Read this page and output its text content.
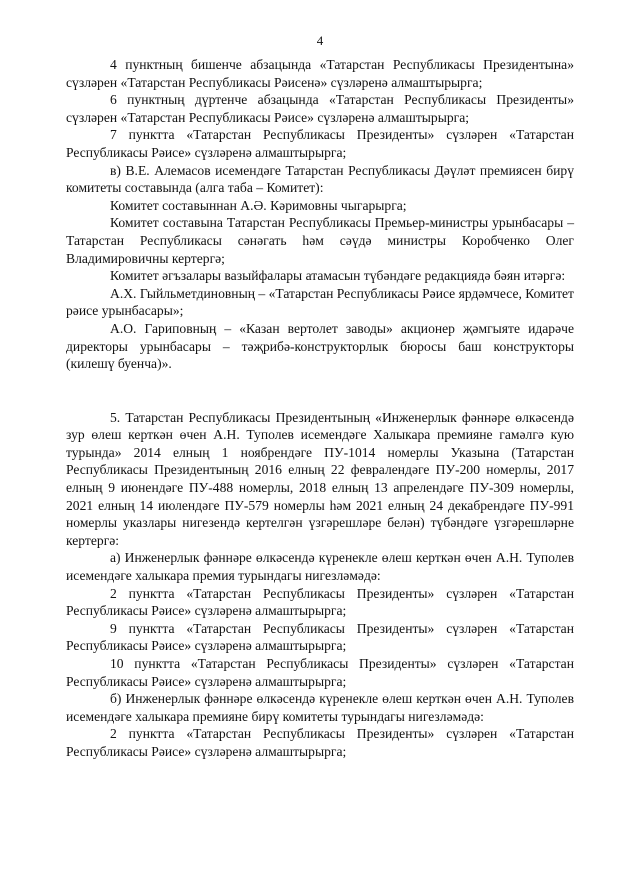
4

4 пунктның бишенче абзацында «Татарстан Республикасы Президентына» сүзләрен «Татарстан Республикасы Рәисенә» сүзләренә алмаштырырга;

6 пунктның дүртенче абзацында «Татарстан Республикасы Президенты» сүзләрен «Татарстан Республикасы Рәисе» сүзләренә алмаштырырга;

7 пунктта «Татарстан Республикасы Президенты» сүзләрен «Татарстан Республикасы Рәисе» сүзләренә алмаштырырга;

в) В.Е. Алемасов исемендәге Татарстан Республикасы Дәүләт премиясен бирү комитеты составында (алга таба – Комитет):

Комитет составыннан А.Ә. Кәримовны чыгарырга;

Комитет составына Татарстан Республикасы Премьер-министры урынбасары – Татарстан Республикасы сәнәгать һәм сәүдә министры Коробченко Олег Владимировичны кертергә;

Комитет әгъзалары вазыйфалары атамасын түбәндәге редакциядә бәян итәргә:

А.Х. Гыйльметдиновның – «Татарстан Республикасы Рәисе ярдәмчесе, Комитет рәисе урынбасары»;

А.О. Гариповның – «Казан вертолет заводы» акционер җәмгыяте идарәче директоры урынбасары – тәҗрибә-конструкторлык бюросы баш конструкторы (килешү буенча)».

5. Татарстан Республикасы Президентының «Инженерлык фәннәре өлкәсендә зур өлеш керткән өчен А.Н. Туполев исемендәге Халыкара премияне гамәлгә кую турында» 2014 елның 1 ноябрендәге ПУ-1014 номерлы Указына (Татарстан Республикасы Президентының 2016 елның 22 февралендәге ПУ-200 номерлы, 2017 елның 9 июнендәге ПУ-488 номерлы, 2018 елның 13 апрелендәге ПУ-309 номерлы, 2021 елның 14 июлендәге ПУ-579 номерлы һәм 2021 елның 24 декабрендәге ПУ-991 номерлы указлары нигезендә кертелгән үзгәрешләре белән) түбәндәге үзгәрешләрне кертергә:

а) Инженерлык фәннәре өлкәсендә күренекле өлеш керткән өчен А.Н. Туполев исемендәге халыкара премия турындагы нигезләмәдә:

2 пунктта «Татарстан Республикасы Президенты» сүзләрен «Татарстан Республикасы Рәисе» сүзләренә алмаштырырга;

9 пунктта «Татарстан Республикасы Президенты» сүзләрен «Татарстан Республикасы Рәисе» сүзләренә алмаштырырга;

10 пунктта «Татарстан Республикасы Президенты» сүзләрен «Татарстан Республикасы Рәисе» сүзләренә алмаштырырга;

б) Инженерлык фәннәре өлкәсендә күренекле өлеш керткән өчен А.Н. Туполев исемендәге халыкара премияне бирү комитеты турындагы нигезләмәдә:

2 пунктта «Татарстан Республикасы Президенты» сүзләрен «Татарстан Республикасы Рәисе» сүзләренә алмаштырырга;
